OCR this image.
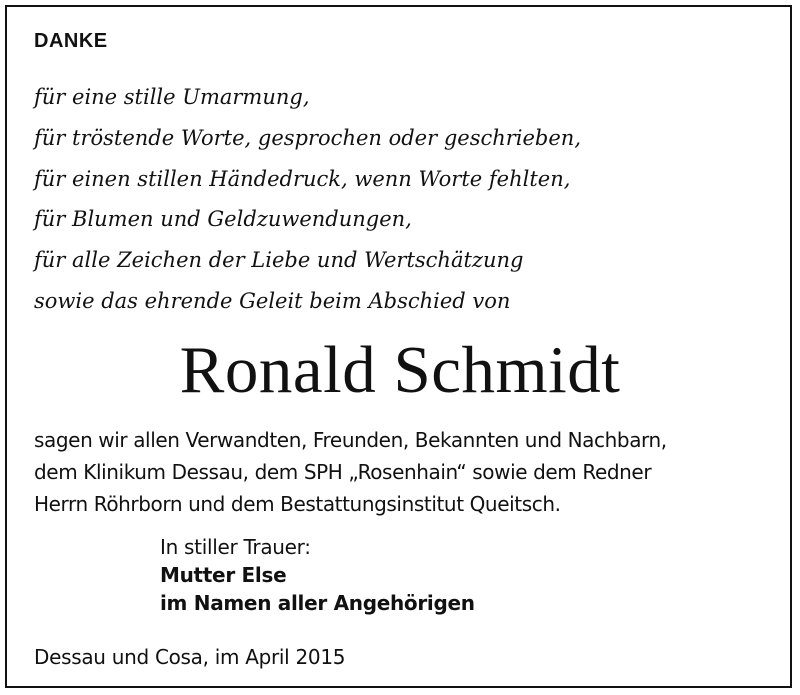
DANKE
für eine stille Umarmung,
für tröstende Worte, gesprochen oder geschrieben,
für einen stillen Händedruck, wenn Worte fehlten,
für Blumen und Geldzuwendungen,
für alle Zeichen der Liebe und Wertschätzung
sowie das ehrende Geleit beim Abschied von
Ronald Schmidt
sagen wir allen Verwandten, Freunden, Bekannten und Nachbarn,
dem Klinikum Dessau, dem SPH „Rosenhain“ sowie dem Redner
Herrn Röhrborn und dem Bestattungsinstitut Queitsch.
In stiller Trauer:
Mutter Else
im Namen aller Angehörigen
Dessau und Cosa, im April 2015
